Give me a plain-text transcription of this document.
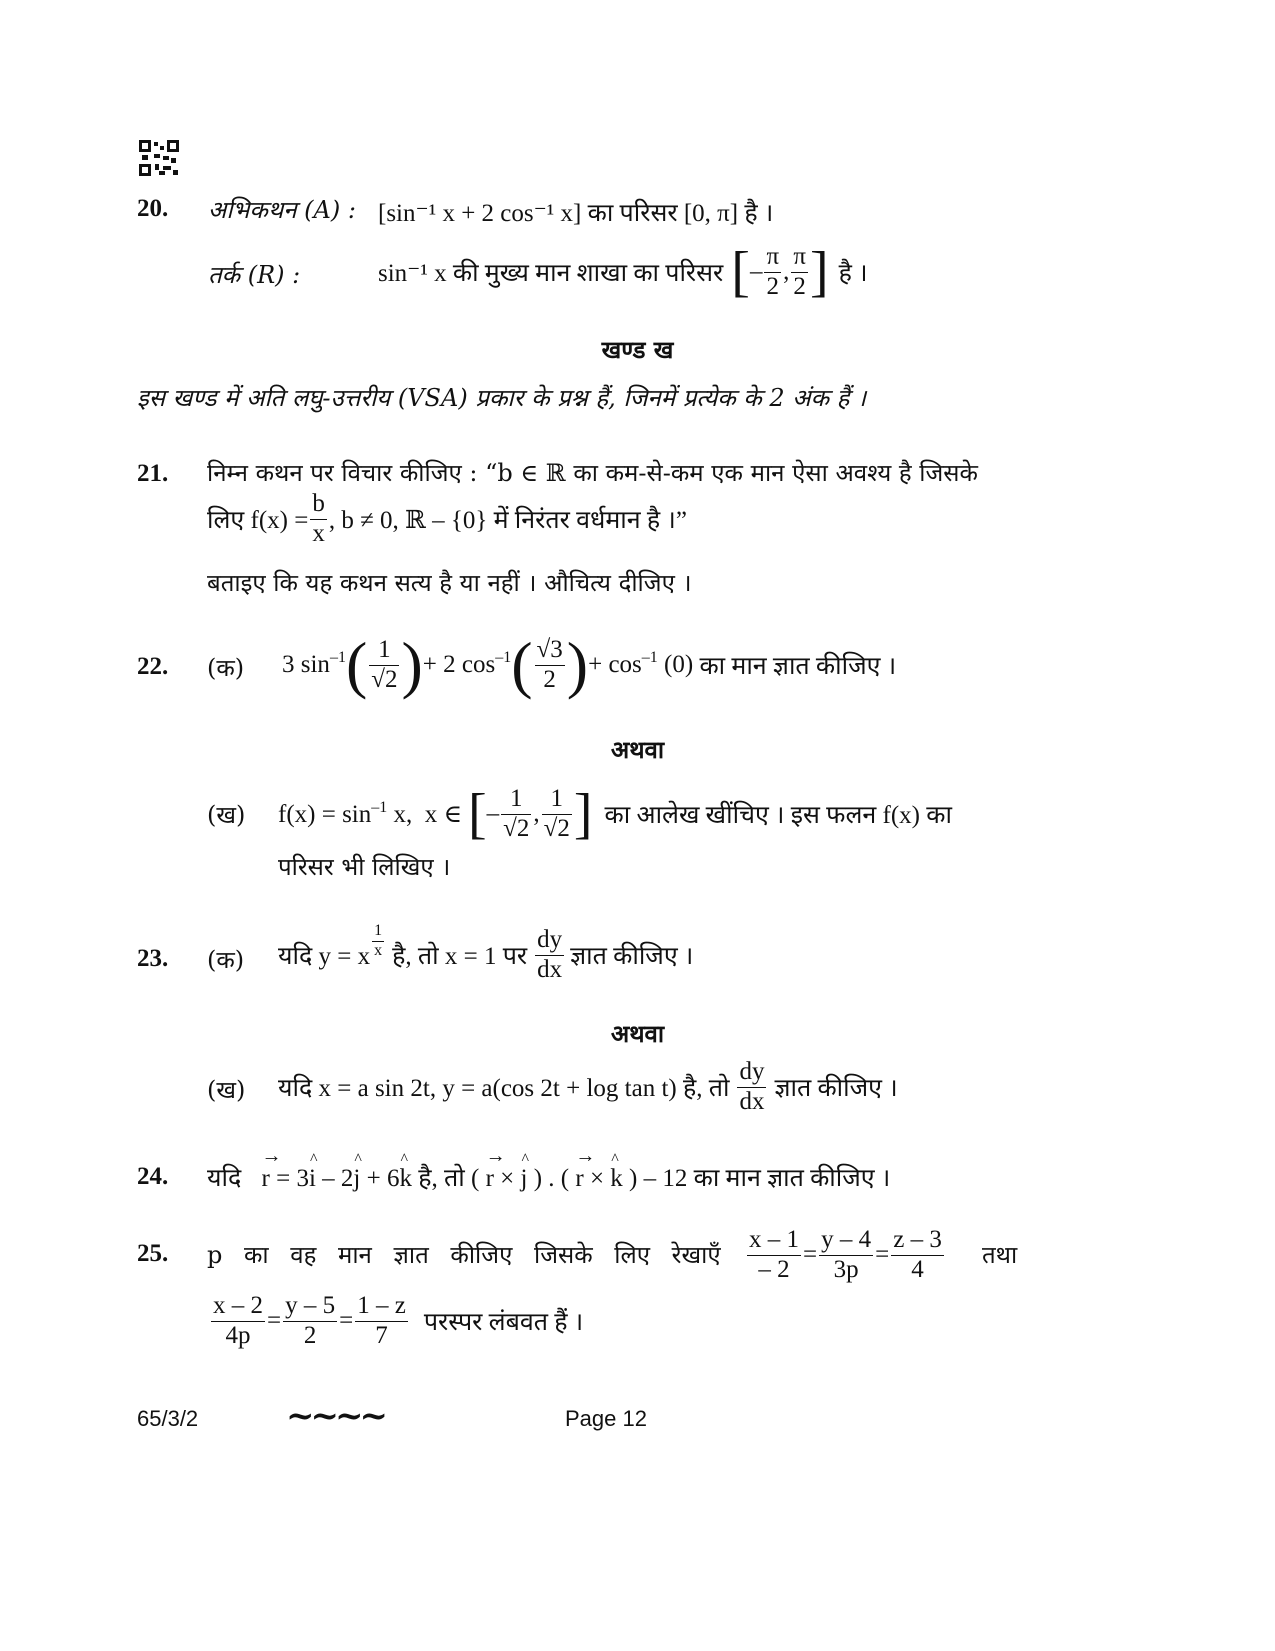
20. अभिकथन (A) : [sin⁻¹ x + 2 cos⁻¹ x] का परिसर [0, π] है ।
तर्क (R) :	sin⁻¹ x की मुख्य मान शाखा का परिसर [ – $\frac{\pi}{2}$ , $\frac{\pi}{2}$ ] है ।
खण्ड ख
इस खण्ड में अति लघु-उत्तरीय (VSA) प्रकार के प्रश्न हैं, जिनमें प्रत्येक के 2 अंक हैं ।
21. निम्न कथन पर विचार कीजिए : “b ∈ ℝ का कम-से-कम एक मान ऐसा अवश्य है जिसके
लिए $f(x) = \frac{b}{x}$ , b ≠ 0, ℝ – {0} में निरंतर वर्धमान है ।”
बताइए कि यह कथन सत्य है या नहीं । औचित्य दीजिए ।
22. (क) 3 $\sin^{-1}$ ( $\frac{1}{√2}$ ) + 2 $\cos^{-1}$ ( $\frac{√3}{2}$ ) + $\cos^{-1} (0)$ का मान ज्ञात कीजिए ।
अथवा
(ख) $f(x) = \sin^{-1} x$,  x ∈ [ – $\frac{1}{√2}$ , $\frac{1}{√2}$ ] का आलेख खींचिए । इस फलन f(x) का
परिसर भी लिखिए ।
23. (क) यदि y = x $\frac{1}{x}$ है, तो x = 1 पर $\frac{dy}{dx}$ ज्ञात कीजिए ।
अथवा
(ख) यदि x = a sin 2t, y = a(cos 2t + log tan t) है, तो $\frac{dy}{dx}$ ज्ञात कीजिए ।
24. यदि → r = 3^ i – 2^ j + 6^ k है, तो ( → r × ^ j ) . ( → r × ^ k ) – 12 का मान ज्ञात कीजिए ।
25. p का वह मान ज्ञात कीजिए जिसके लिए रेखाएँ $\frac{x - 1}{- 2} = \frac{y - 4}{3p} = \frac{z - 3}{4}$ तथा
$\frac{x - 2}{4p} = \frac{y - 5}{2} = \frac{1 - z}{7}$ परस्पर लंबवत हैं ।
65/3/2	~~~~	Page 12
